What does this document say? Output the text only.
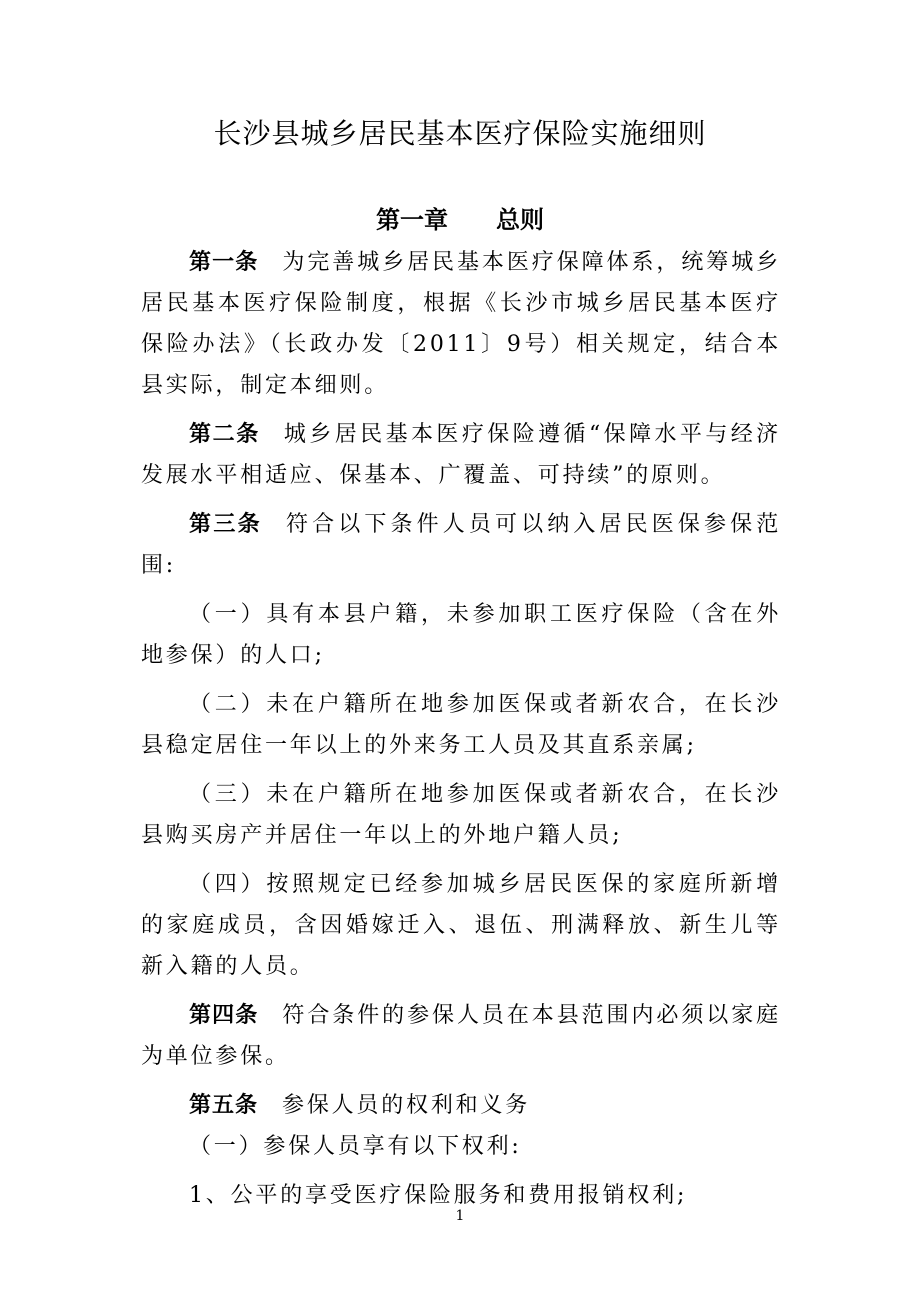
长沙县城乡居民基本医疗保险实施细则
第一章 总则

第一条 为完善城乡居民基本医疗保障体系，统筹城乡居民基本医疗保险制度，根据《长沙市城乡居民基本医疗保险办法》（长政办发〔2011〕9号）相关规定，结合本县实际，制定本细则。

第二条 城乡居民基本医疗保险遵循“保障水平与经济发展水平相适应、保基本、广覆盖、可持续”的原则。

第三条 符合以下条件人员可以纳入居民医保参保范围:

（一）具有本县户籍，未参加职工医疗保险（含在外地参保）的人口;

（二）未在户籍所在地参加医保或者新农合，在长沙县稳定居住一年以上的外来务工人员及其直系亲属;

（三）未在户籍所在地参加医保或者新农合，在长沙县购买房产并居住一年以上的外地户籍人员;

（四）按照规定已经参加城乡居民医保的家庭所新增的家庭成员，含因婚嫁迁入、退伍、刑满释放、新生儿等新入籍的人员。

第四条 符合条件的参保人员在本县范围内必须以家庭为单位参保。

第五条 参保人员的权利和义务

（一）参保人员享有以下权利:

1、公平的享受医疗保险服务和费用报销权利;

1
